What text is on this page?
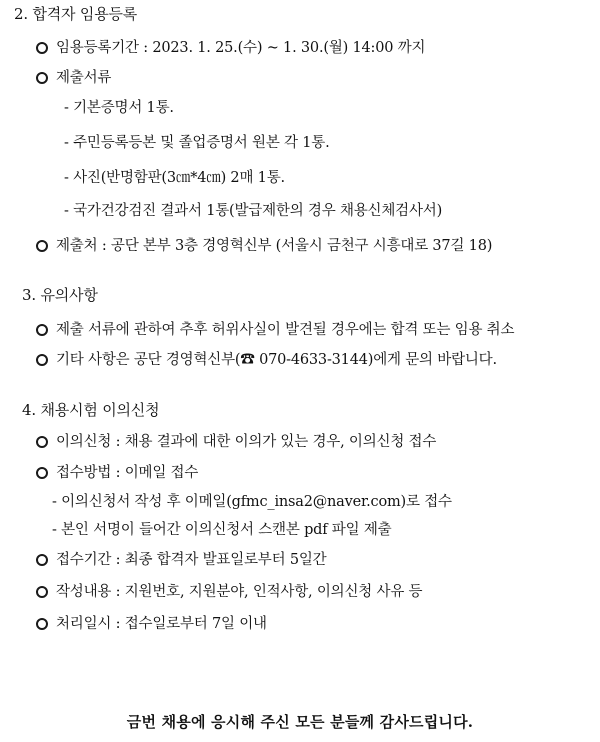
2. 합격자 임용등록
임용등록기간 : 2023. 1. 25.(수) ~ 1. 30.(월) 14:00 까지
제출서류
- 기본증명서 1통.
- 주민등록등본 및 졸업증명서 원본 각 1통.
- 사진(반명함판(3㎝*4㎝) 2매 1통.
- 국가건강검진 결과서 1통(발급제한의 경우 채용신체검사서)
제출처 : 공단 본부 3층 경영혁신부 (서울시 금천구 시흥대로 37길 18)
3. 유의사항
제출 서류에 관하여 추후 허위사실이 발견될 경우에는 합격 또는 임용 취소
기타 사항은 공단 경영혁신부(☎ 070-4633-3144)에게 문의 바랍니다.
4. 채용시험 이의신청
이의신청 : 채용 결과에 대한 이의가 있는 경우, 이의신청 접수
접수방법 : 이메일 접수
- 이의신청서 작성 후 이메일(gfmc_insa2@naver.com)로 접수
- 본인 서명이 들어간 이의신청서 스캔본 pdf 파일 제출
접수기간 : 최종 합격자 발표일로부터 5일간
작성내용 : 지원번호, 지원분야, 인적사항, 이의신청 사유 등
처리일시 : 접수일로부터 7일 이내
금번 채용에 응시해 주신 모든 분들께 감사드립니다.
